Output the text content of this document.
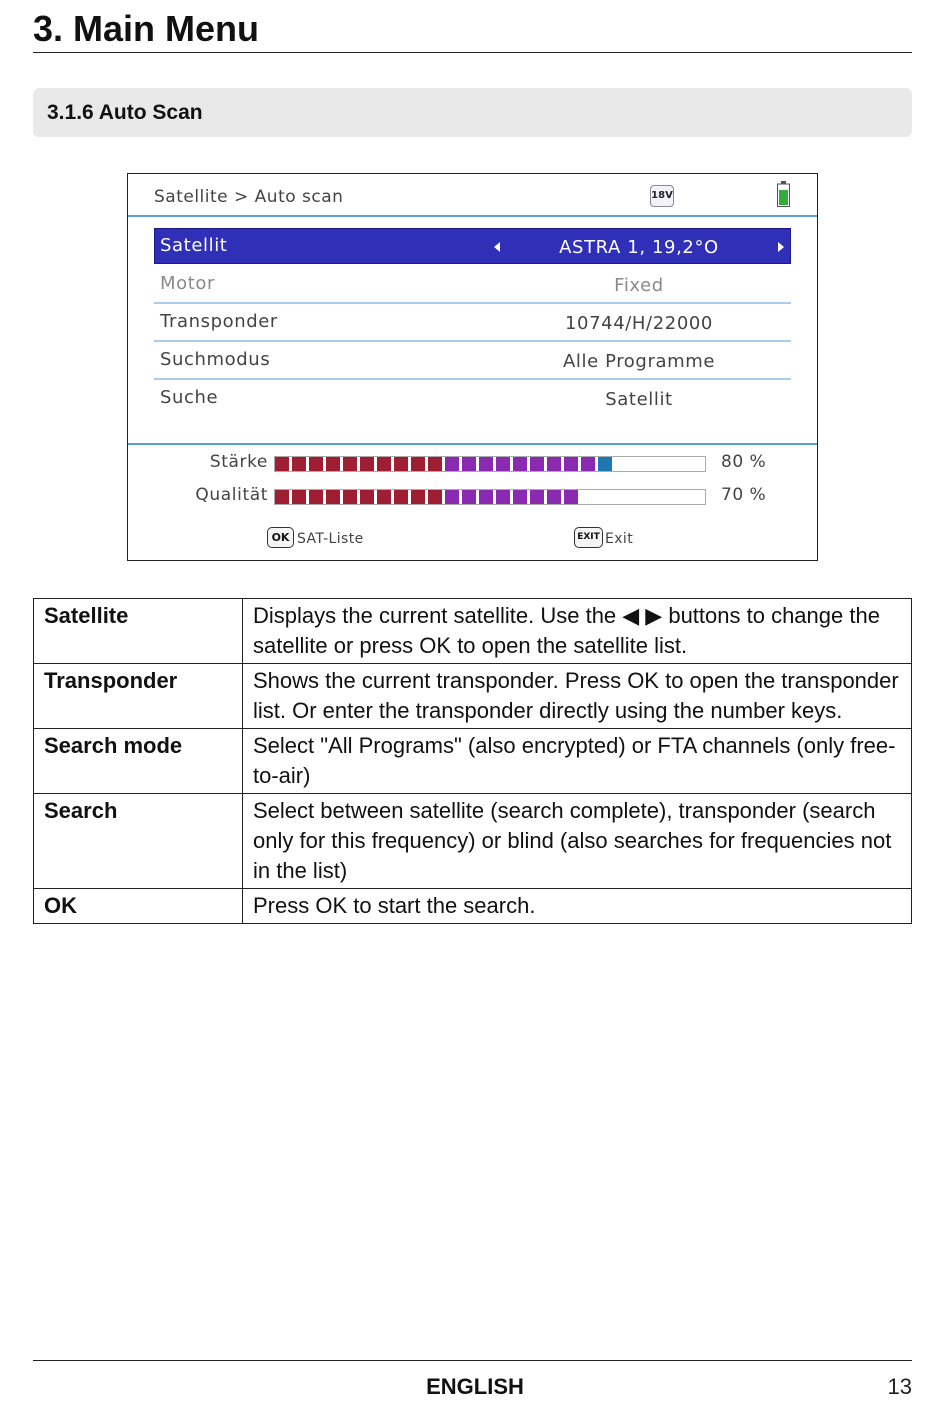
3. Main Menu
3.1.6 Auto Scan
Satellite > Auto scan	18V
Satellit	ASTRA 1, 19,2°O
Motor	Fixed
Transponder	10744/H/22000
Suchmodus	Alle Programme
Suche	Satellit
Stärke	80 %
Qualität	70 %
OK SAT-Liste	EXIT Exit
Satellite	Displays the current satellite. Use the ◀ ▶ buttons to change the satellite or press OK to open the satellite list.
Transponder	Shows the current transponder. Press OK to open the transponder list. Or enter the transponder directly using the number keys.
Search mode	Select "All Programs" (also encrypted) or FTA channels (only free-to-air)
Search	Select between satellite (search complete), transponder (search only for this frequency) or blind (also searches for frequencies not in the list)
OK	Press OK to start the search.
ENGLISH	13
